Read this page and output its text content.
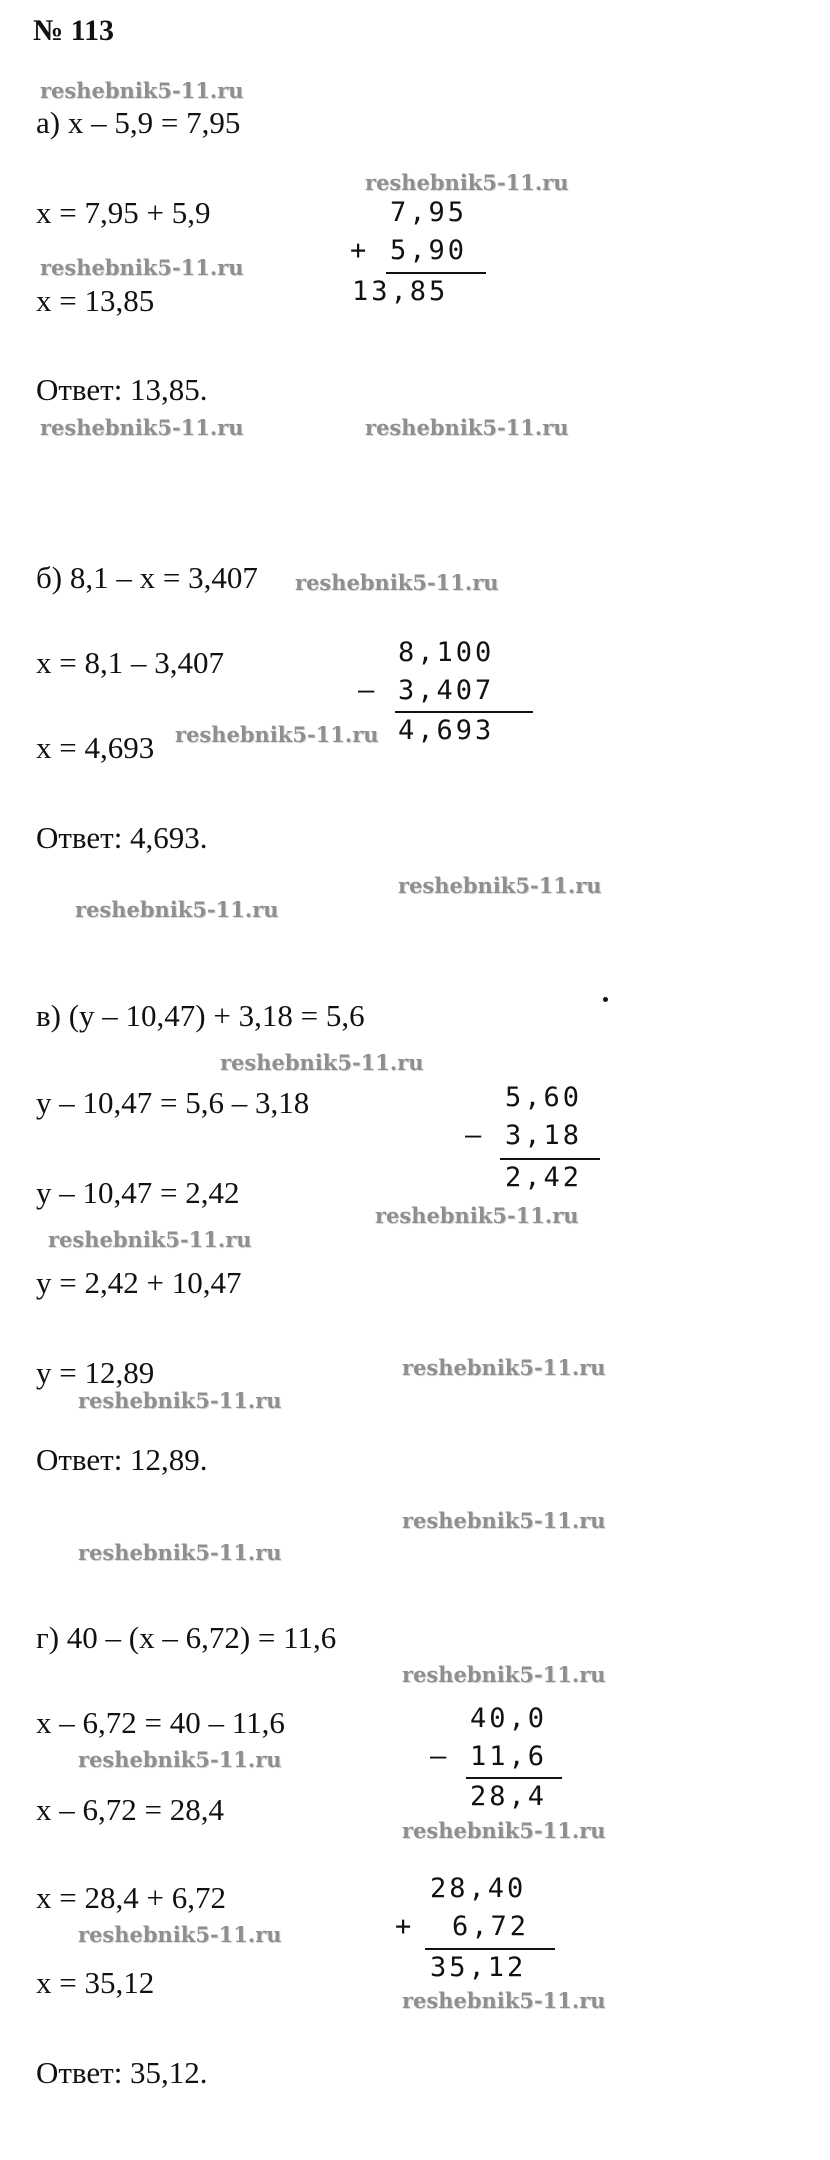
№ 113
а) x – 5,9 = 7,95
x = 7,95 + 5,9
x = 13,85
Ответ: 13,85.
7,95
+ 5,90
13,85
б) 8,1 – x = 3,407
x = 8,1 – 3,407
x = 4,693
Ответ: 4,693.
8,100
– 3,407
4,693
в) (y – 10,47) + 3,18 = 5,6
y – 10,47 = 5,6 – 3,18
y – 10,47 = 2,42
y = 2,42 + 10,47
y = 12,89
Ответ: 12,89.
5,60
– 3,18
2,42
г) 40 – (x – 6,72) = 11,6
x – 6,72 = 40 – 11,6
x – 6,72 = 28,4
x = 28,4 + 6,72
x = 35,12
Ответ: 35,12.
40,0
– 11,6
28,4
28,40
+ 6,72
35,12
reshebnik5-11.ru
reshebnik5-11.ru
reshebnik5-11.ru
reshebnik5-11.ru	reshebnik5-11.ru
reshebnik5-11.ru
reshebnik5-11.ru
reshebnik5-11.ru
reshebnik5-11.ru
reshebnik5-11.ru
reshebnik5-11.ru
reshebnik5-11.ru
reshebnik5-11.ru
reshebnik5-11.ru
reshebnik5-11.ru
reshebnik5-11.ru
reshebnik5-11.ru
reshebnik5-11.ru
reshebnik5-11.ru
reshebnik5-11.ru
reshebnik5-11.ru
